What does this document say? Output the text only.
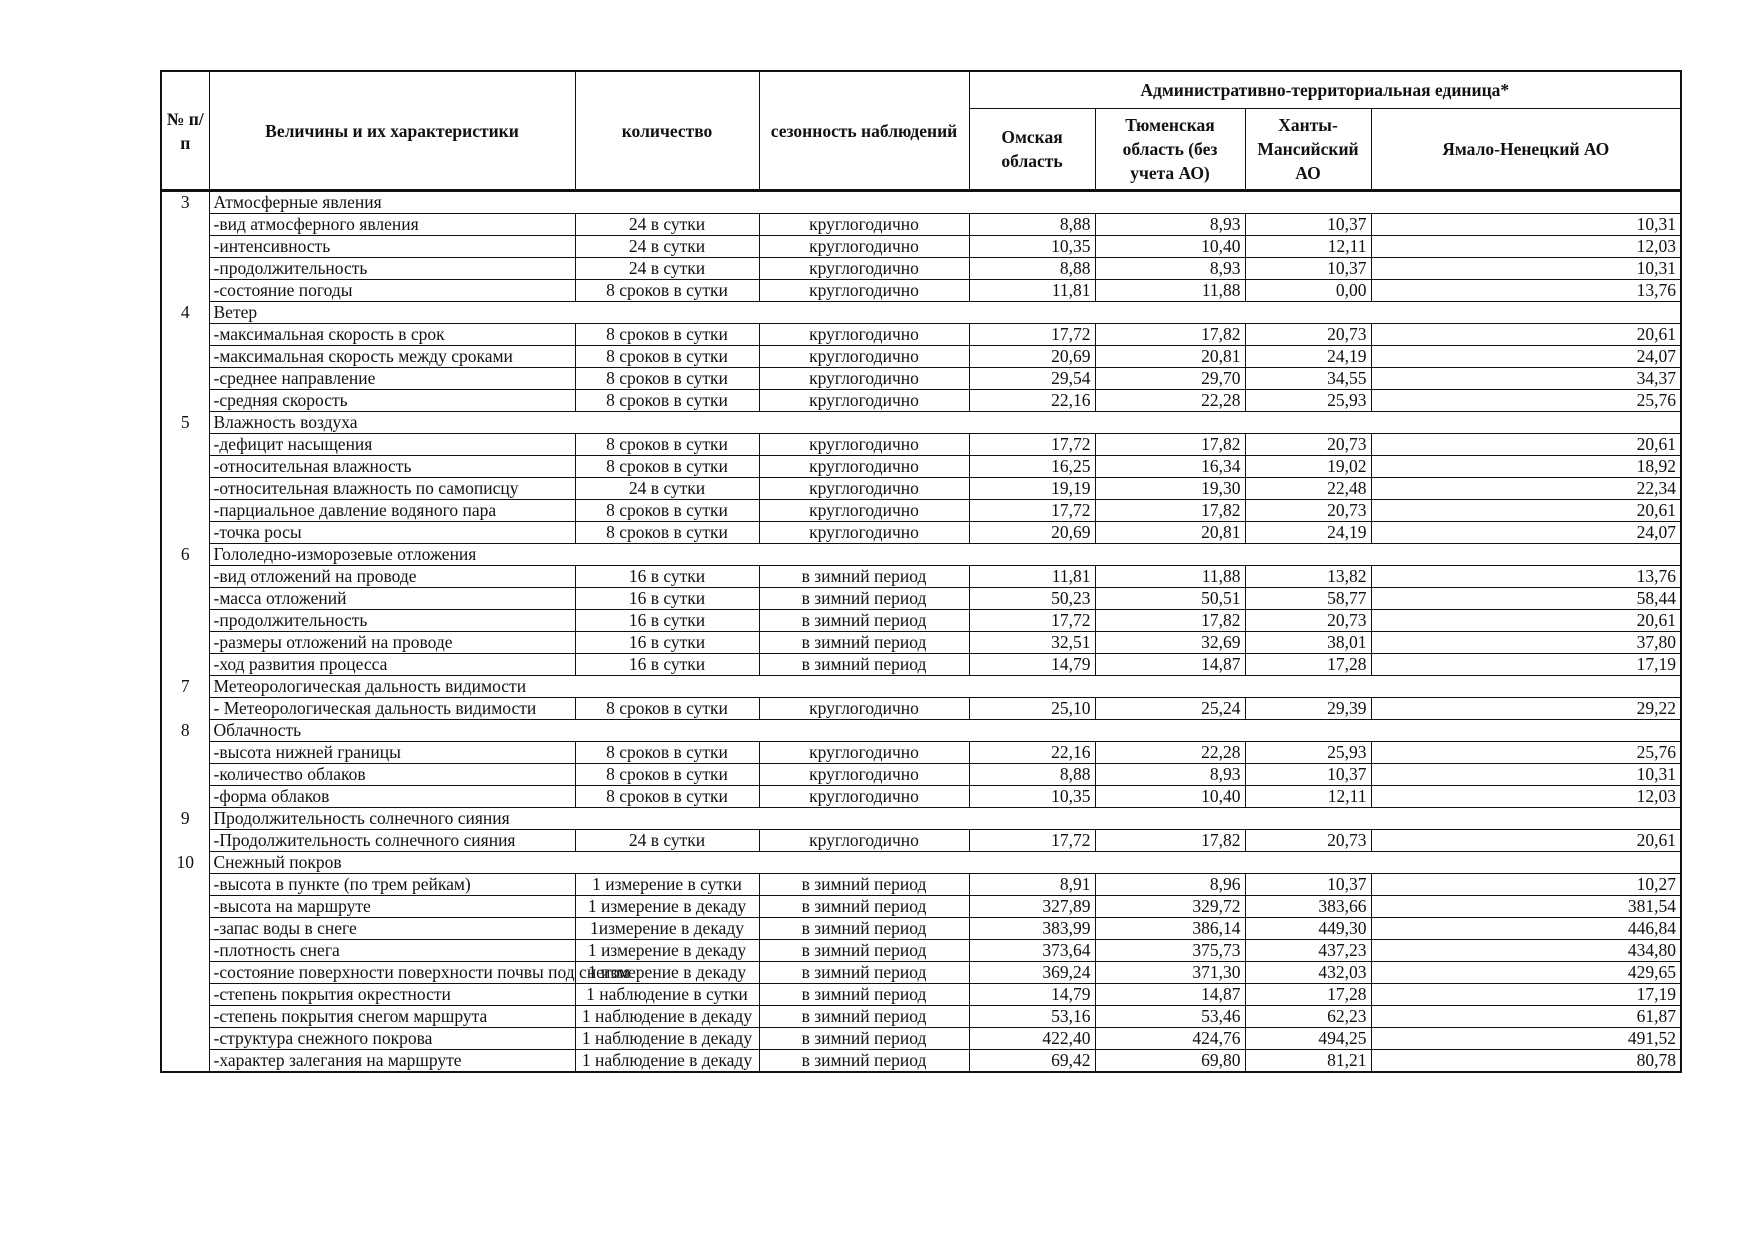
№ п/п	Величины и их характеристики	количество	сезонность наблюдений	Административно-территориальная единица*			
				Омская область	Тюменская область (без учета АО)	Ханты-Мансийский АО	Ямало-Ненецкий АО
3	Атмосферные явления						
	-вид атмосферного явления	24 в сутки	круглогодично	8,88	8,93	10,37	10,31
	-интенсивность	24 в сутки	круглогодично	10,35	10,40	12,11	12,03
	-продолжительность	24 в сутки	круглогодично	8,88	8,93	10,37	10,31
	-состояние погоды	8 сроков в сутки	круглогодично	11,81	11,88	0,00	13,76
4	Ветер						
	-максимальная скорость в срок	8 сроков в сутки	круглогодично	17,72	17,82	20,73	20,61
	-максимальная скорость между сроками	8 сроков в сутки	круглогодично	20,69	20,81	24,19	24,07
	-среднее направление	8 сроков в сутки	круглогодично	29,54	29,70	34,55	34,37
	-средняя скорость	8 сроков в сутки	круглогодично	22,16	22,28	25,93	25,76
5	Влажность воздуха						
	-дефицит насыщения	8 сроков в сутки	круглогодично	17,72	17,82	20,73	20,61
	-относительная влажность	8 сроков в сутки	круглогодично	16,25	16,34	19,02	18,92
	-относительная влажность по самописцу	24 в сутки	круглогодично	19,19	19,30	22,48	22,34
	-парциальное давление водяного пара	8 сроков в сутки	круглогодично	17,72	17,82	20,73	20,61
	-точка росы	8 сроков в сутки	круглогодично	20,69	20,81	24,19	24,07
6	Гололедно-изморозевые отложения						
	-вид отложений на проводе	16 в сутки	в зимний период	11,81	11,88	13,82	13,76
	-масса отложений	16 в сутки	в зимний период	50,23	50,51	58,77	58,44
	-продолжительность	16 в сутки	в зимний период	17,72	17,82	20,73	20,61
	-размеры отложений на проводе	16 в сутки	в зимний период	32,51	32,69	38,01	37,80
	-ход развития процесса	16 в сутки	в зимний период	14,79	14,87	17,28	17,19
7	Метеорологическая дальность видимости						
	- Метеорологическая дальность видимости	8 сроков в сутки	круглогодично	25,10	25,24	29,39	29,22
8	Облачность						
	-высота нижней границы	8 сроков в сутки	круглогодично	22,16	22,28	25,93	25,76
	-количество облаков	8 сроков в сутки	круглогодично	8,88	8,93	10,37	10,31
	-форма облаков	8 сроков в сутки	круглогодично	10,35	10,40	12,11	12,03
9	Продолжительность солнечного сияния						
	-Продолжительность солнечного сияния	24 в сутки	круглогодично	17,72	17,82	20,73	20,61
10	Снежный покров						
	-высота в пункте (по трем рейкам)	1 измерение в сутки	в зимний период	8,91	8,96	10,37	10,27
	-высота на маршруте	1 измерение в декаду	в зимний период	327,89	329,72	383,66	381,54
	-запас воды в снеге	1измерение в декаду	в зимний период	383,99	386,14	449,30	446,84
	-плотность снега	1 измерение в декаду	в зимний период	373,64	375,73	437,23	434,80
	-состояние поверхности поверхности почвы под снегом	1 измерение в декаду	в зимний период	369,24	371,30	432,03	429,65
	-степень покрытия окрестности	1 наблюдение в сутки	в зимний период	14,79	14,87	17,28	17,19
	-степень покрытия снегом маршрута	1 наблюдение в декаду	в зимний период	53,16	53,46	62,23	61,87
	-структура снежного покрова	1 наблюдение в декаду	в зимний период	422,40	424,76	494,25	491,52
	-характер залегания на маршруте	1 наблюдение в декаду	в зимний период	69,42	69,80	81,21	80,78
